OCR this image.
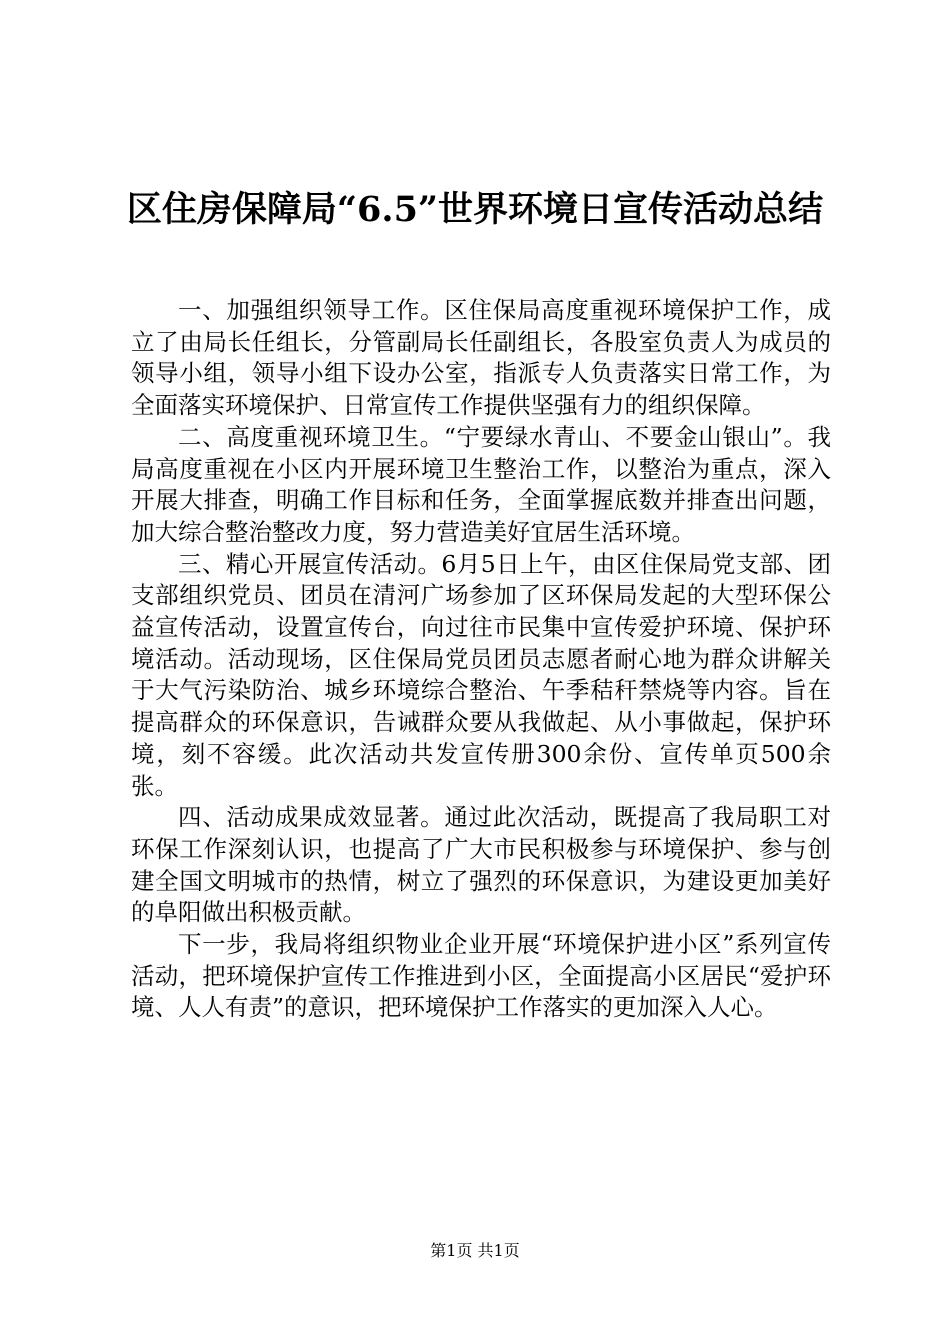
区住房保障局“6.5”世界环境日宣传活动总结

一、加强组织领导工作。区住保局高度重视环境保护工作，成立了由局长任组长，分管副局长任副组长，各股室负责人为成员的领导小组，领导小组下设办公室，指派专人负责落实日常工作，为全面落实环境保护、日常宣传工作提供坚强有力的组织保障。

二、高度重视环境卫生。“宁要绿水青山、不要金山银山”。我局高度重视在小区内开展环境卫生整治工作，以整治为重点，深入开展大排查，明确工作目标和任务，全面掌握底数并排查出问题，加大综合整治整改力度，努力营造美好宜居生活环境。

三、精心开展宣传活动。6月5日上午，由区住保局党支部、团支部组织党员、团员在清河广场参加了区环保局发起的大型环保公益宣传活动，设置宣传台，向过往市民集中宣传爱护环境、保护环境活动。活动现场，区住保局党员团员志愿者耐心地为群众讲解关于大气污染防治、城乡环境综合整治、午季秸秆禁烧等内容。旨在提高群众的环保意识，告诫群众要从我做起、从小事做起，保护环境，刻不容缓。此次活动共发宣传册300余份、宣传单页500余张。

四、活动成果成效显著。通过此次活动，既提高了我局职工对环保工作深刻认识，也提高了广大市民积极参与环境保护、参与创建全国文明城市的热情，树立了强烈的环保意识，为建设更加美好的阜阳做出积极贡献。

下一步，我局将组织物业企业开展“环境保护进小区”系列宣传活动，把环境保护宣传工作推进到小区，全面提高小区居民“爱护环境、人人有责”的意识，把环境保护工作落实的更加深入人心。

第1页 共1页
